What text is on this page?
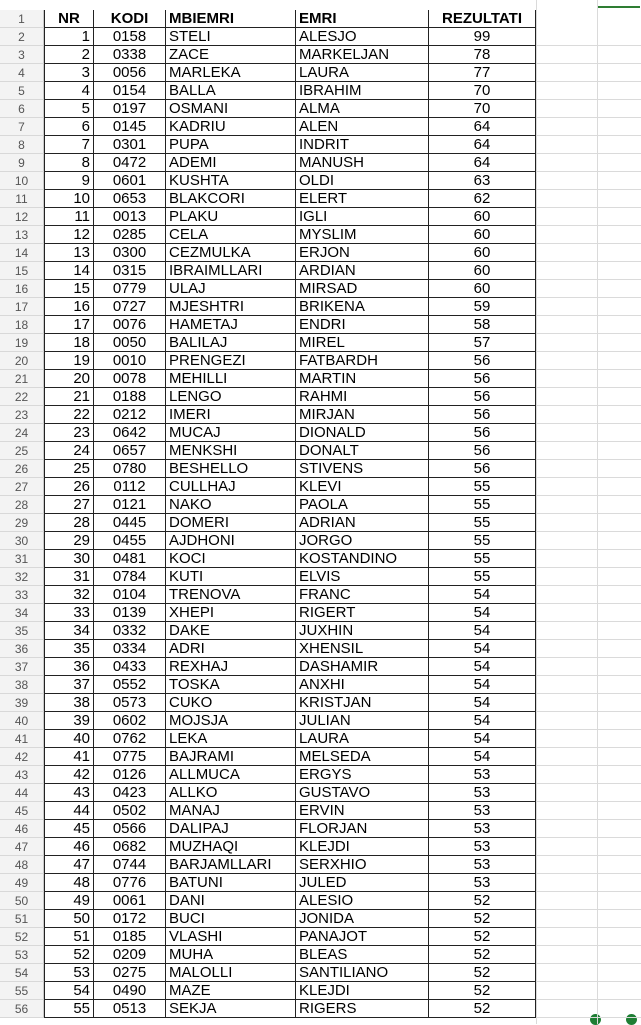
1	NR	KODI	MBIEMRI	EMRI	REZULTATI
2	1	0158	STELI	ALESJO	99
3	2	0338	ZACE	MARKELJAN	78
4	3	0056	MARLEKA	LAURA	77
5	4	0154	BALLA	IBRAHIM	70
6	5	0197	OSMANI	ALMA	70
7	6	0145	KADRIU	ALEN	64
8	7	0301	PUPA	INDRIT	64
9	8	0472	ADEMI	MANUSH	64
10	9	0601	KUSHTA	OLDI	63
11	10	0653	BLAKCORI	ELERT	62
12	11	0013	PLAKU	IGLI	60
13	12	0285	CELA	MYSLIM	60
14	13	0300	CEZMULKA	ERJON	60
15	14	0315	IBRAIMLLARI	ARDIAN	60
16	15	0779	ULAJ	MIRSAD	60
17	16	0727	MJESHTRI	BRIKENA	59
18	17	0076	HAMETAJ	ENDRI	58
19	18	0050	BALILAJ	MIREL	57
20	19	0010	PRENGEZI	FATBARDH	56
21	20	0078	MEHILLI	MARTIN	56
22	21	0188	LENGO	RAHMI	56
23	22	0212	IMERI	MIRJAN	56
24	23	0642	MUCAJ	DIONALD	56
25	24	0657	MENKSHI	DONALT	56
26	25	0780	BESHELLO	STIVENS	56
27	26	0112	CULLHAJ	KLEVI	55
28	27	0121	NAKO	PAOLA	55
29	28	0445	DOMERI	ADRIAN	55
30	29	0455	AJDHONI	JORGO	55
31	30	0481	KOCI	KOSTANDINO	55
32	31	0784	KUTI	ELVIS	55
33	32	0104	TRENOVA	FRANC	54
34	33	0139	XHEPI	RIGERT	54
35	34	0332	DAKE	JUXHIN	54
36	35	0334	ADRI	XHENSIL	54
37	36	0433	REXHAJ	DASHAMIR	54
38	37	0552	TOSKA	ANXHI	54
39	38	0573	CUKO	KRISTJAN	54
40	39	0602	MOJSJA	JULIAN	54
41	40	0762	LEKA	LAURA	54
42	41	0775	BAJRAMI	MELSEDA	54
43	42	0126	ALLMUCA	ERGYS	53
44	43	0423	ALLKO	GUSTAVO	53
45	44	0502	MANAJ	ERVIN	53
46	45	0566	DALIPAJ	FLORJAN	53
47	46	0682	MUZHAQI	KLEJDI	53
48	47	0744	BARJAMLLARI	SERXHIO	53
49	48	0776	BATUNI	JULED	53
50	49	0061	DANI	ALESIO	52
51	50	0172	BUCI	JONIDA	52
52	51	0185	VLASHI	PANAJOT	52
53	52	0209	MUHA	BLEAS	52
54	53	0275	MALOLLI	SANTILIANO	52
55	54	0490	MAZE	KLEJDI	52
56	55	0513	SEKJA	RIGERS	52
